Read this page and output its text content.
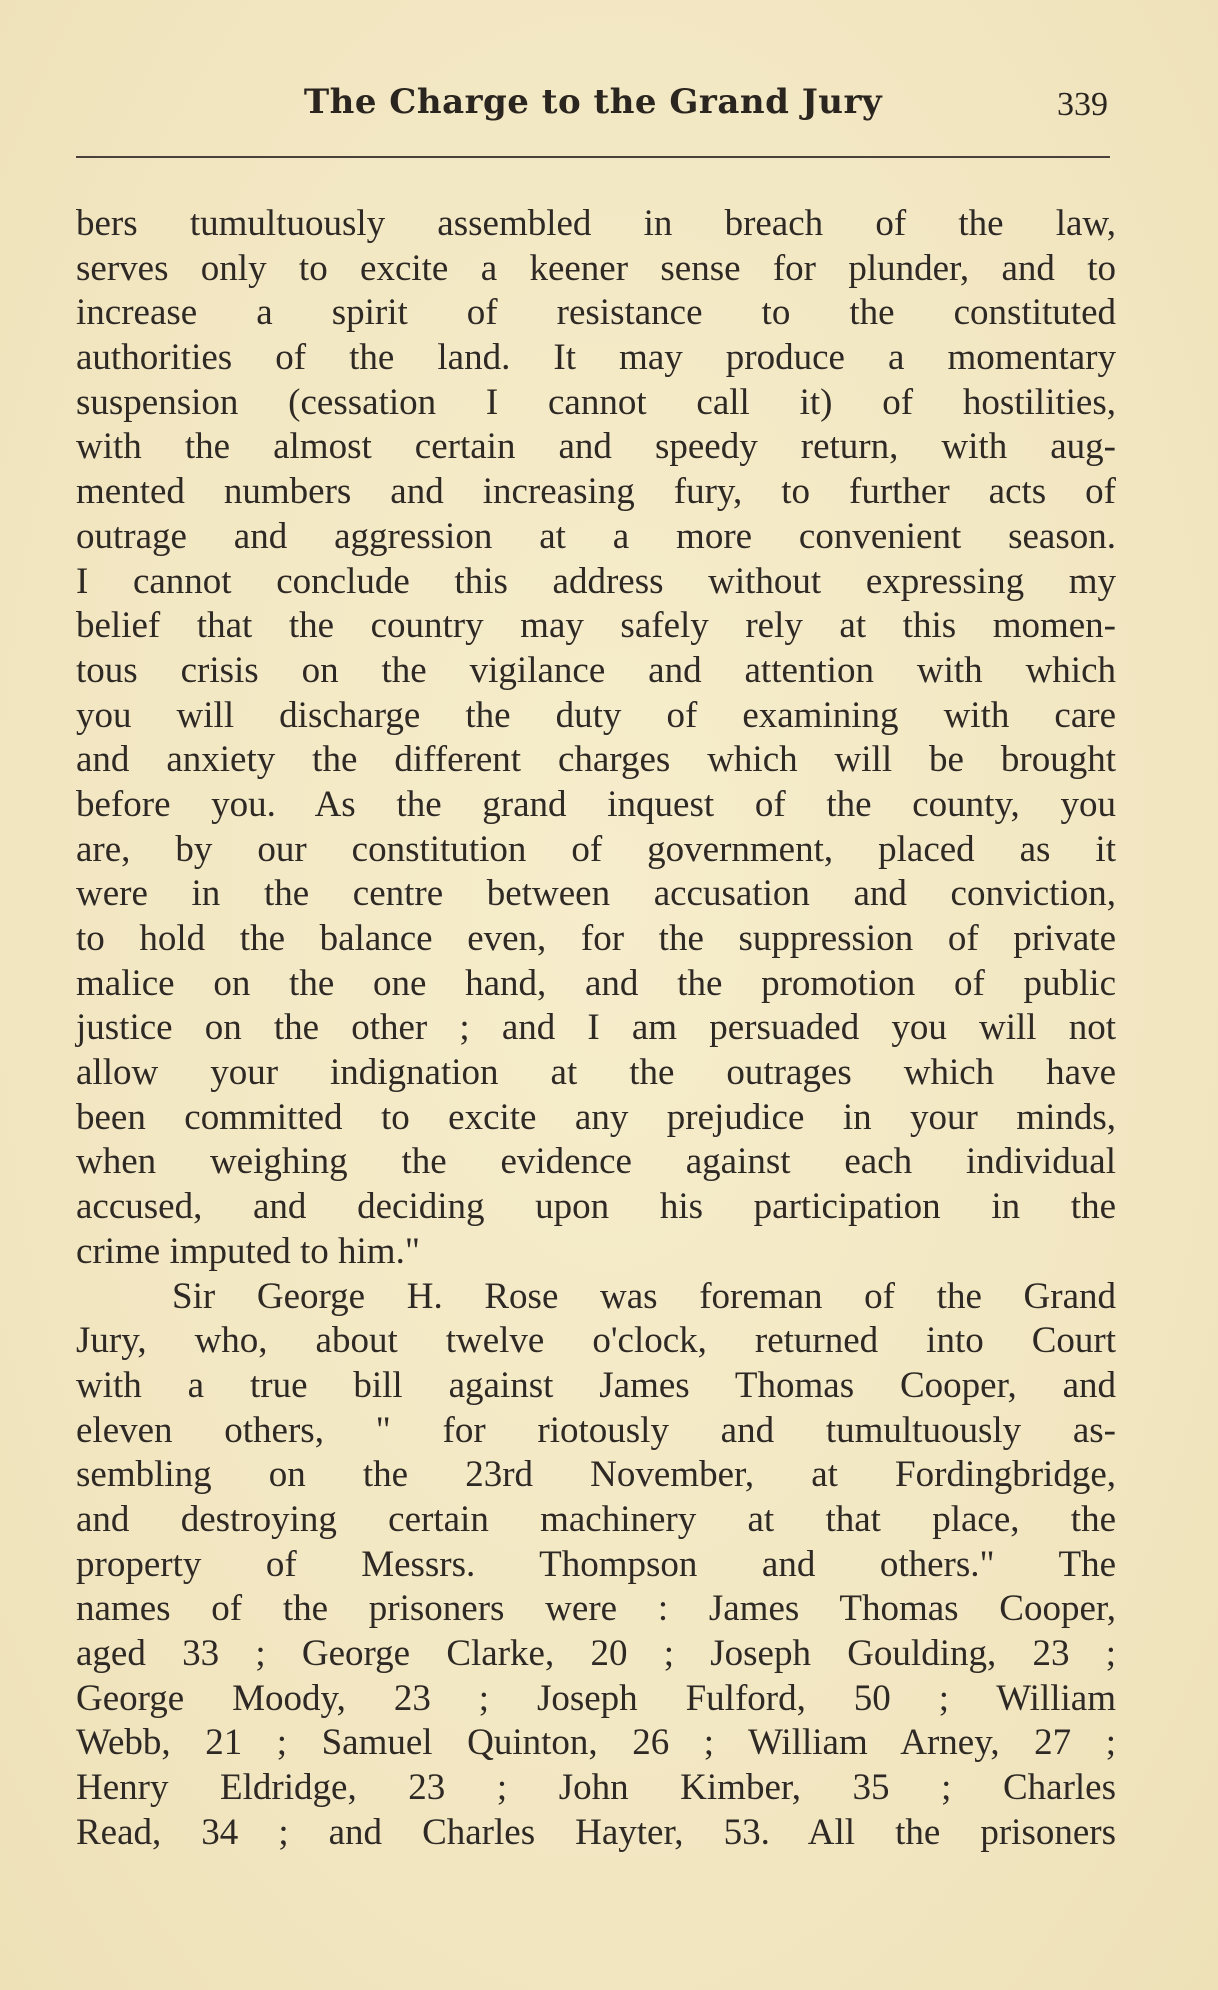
The Charge to the Grand Jury	339
bers tumultuously assembled in breach of the law,
serves only to excite a keener sense for plunder, and to
increase a spirit of resistance to the constituted
authorities of the land. It may produce a momentary
suspension (cessation I cannot call it) of hostilities,
with the almost certain and speedy return, with aug-
mented numbers and increasing fury, to further acts of
outrage and aggression at a more convenient season.
I cannot conclude this address without expressing my
belief that the country may safely rely at this momen-
tous crisis on the vigilance and attention with which
you will discharge the duty of examining with care
and anxiety the different charges which will be brought
before you. As the grand inquest of the county, you
are, by our constitution of government, placed as it
were in the centre between accusation and conviction,
to hold the balance even, for the suppression of private
malice on the one hand, and the promotion of public
justice on the other ; and I am persuaded you will not
allow your indignation at the outrages which have
been committed to excite any prejudice in your minds,
when weighing the evidence against each individual
accused, and deciding upon his participation in the
crime imputed to him."
Sir George H. Rose was foreman of the Grand
Jury, who, about twelve o'clock, returned into Court
with a true bill against James Thomas Cooper, and
eleven others, " for riotously and tumultuously as-
sembling on the 23rd November, at Fordingbridge,
and destroying certain machinery at that place, the
property of Messrs. Thompson and others." The
names of the prisoners were : James Thomas Cooper,
aged 33 ; George Clarke, 20 ; Joseph Goulding, 23 ;
George Moody, 23 ; Joseph Fulford, 50 ; William
Webb, 21 ; Samuel Quinton, 26 ; William Arney, 27 ;
Henry Eldridge, 23 ; John Kimber, 35 ; Charles
Read, 34 ; and Charles Hayter, 53. All the prisoners
